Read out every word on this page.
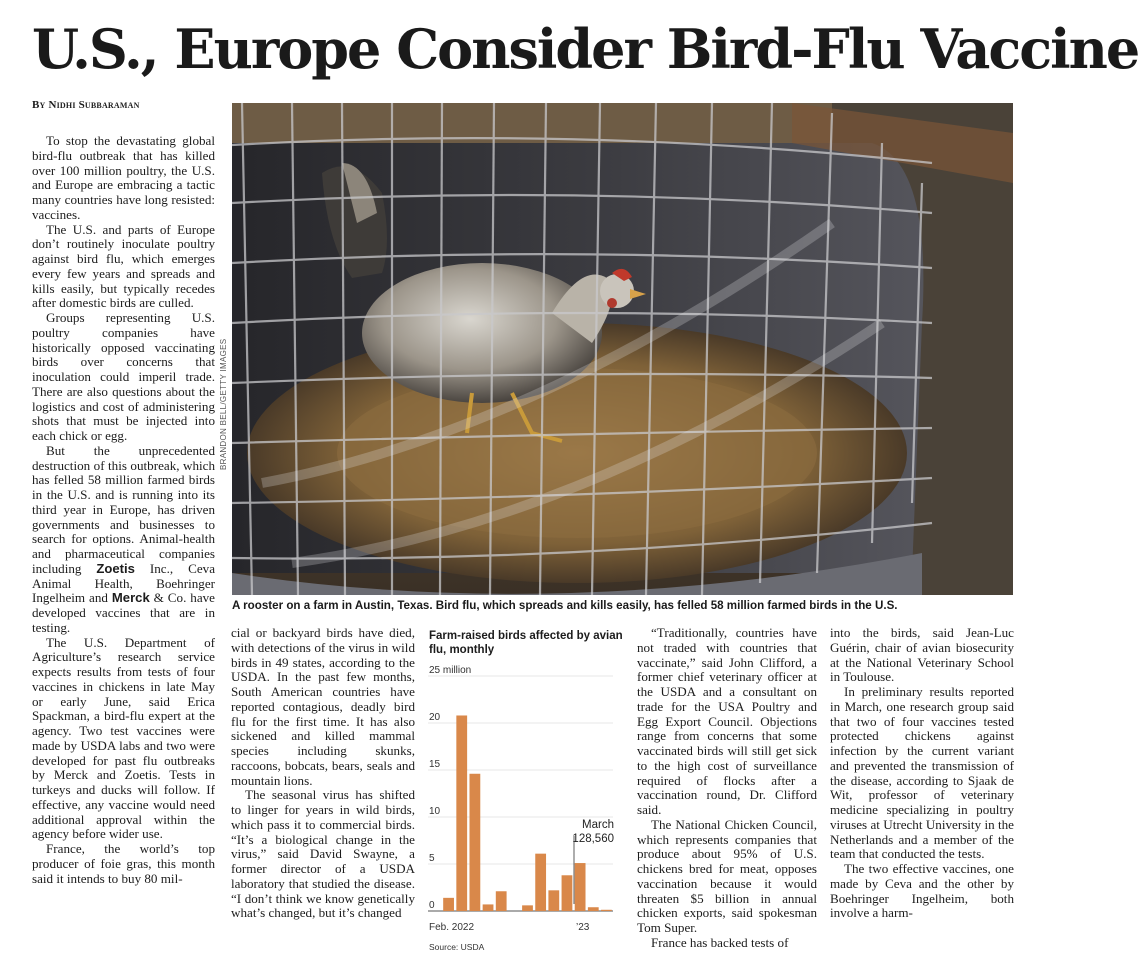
U.S., Europe Consider Bird-Flu Vaccine
By Nidhi Subbaraman

To stop the devastating global bird-flu outbreak that has killed over 100 million poultry, the U.S. and Europe are embracing a tactic many countries have long resisted: vaccines.

The U.S. and parts of Europe don’t routinely inoculate poultry against bird flu, which emerges every few years and spreads and kills easily, but typically recedes after domestic birds are culled.

Groups representing U.S. poultry companies have historically opposed vaccinating birds over concerns that inoculation could imperil trade. There are also questions about the logistics and cost of administering shots that must be injected into each chick or egg.

But the unprecedented destruction of this outbreak, which has felled 58 million farmed birds in the U.S. and is running into its third year in Europe, has driven governments and businesses to search for options. Animal-health and pharmaceutical companies including Zoetis Inc., Ceva Animal Health, Boehringer Ingelheim and Merck & Co. have developed vaccines that are in testing.

The U.S. Department of Agriculture’s research service expects results from tests of four vaccines in chickens in late May or early June, said Erica Spackman, a bird-flu expert at the agency. Two test vaccines were made by USDA labs and two were developed for past flu outbreaks by Merck and Zoetis. Tests in turkeys and ducks will follow. If effective, any vaccine would need additional approval within the agency before wider use.

France, the world’s top producer of foie gras, this month said it intends to buy 80 mil-

BRANDON BELL/GETTY IMAGES
A rooster on a farm in Austin, Texas. Bird flu, which spreads and kills easily, has felled 58 million farmed birds in the U.S.

cial or backyard birds have died, with detections of the virus in wild birds in 49 states, according to the USDA. In the past few months, South American countries have reported contagious, deadly bird flu for the first time. It has also sickened and killed mammal species including skunks, raccoons, bobcats, bears, seals and mountain lions.

The seasonal virus has shifted to linger for years in wild birds, which pass it to commercial birds. “It’s a biological change in the virus,” said David Swayne, a former director of a USDA laboratory that studied the disease. “I don’t think we know genetically what’s changed, but it’s changed

Farm-raised birds affected by avian flu, monthly
25 million
20
15
10
5
0
Feb. 2022	’23
March
128,560
Source: USDA

“Traditionally, countries have not traded with countries that vaccinate,” said John Clifford, a former chief veterinary officer at the USDA and a consultant on trade for the USA Poultry and Egg Export Council. Objections range from concerns that some vaccinated birds will still get sick to the high cost of surveillance required of flocks after a vaccination round, Dr. Clifford said.

The National Chicken Council, which represents companies that produce about 95% of U.S. chickens bred for meat, opposes vaccination because it would threaten $5 billion in annual chicken exports, said spokesman Tom Super.

France has backed tests of

into the birds, said Jean-Luc Guérin, chair of avian biosecurity at the National Veterinary School in Toulouse.

In preliminary results reported in March, one research group said that two of four vaccines tested protected chickens against infection by the current variant and prevented the transmission of the disease, according to Sjaak de Wit, professor of veterinary medicine specializing in poultry viruses at Utrecht University in the Netherlands and a member of the team that conducted the tests.

The two effective vaccines, one made by Ceva and the other by Boehringer Ingelheim, both involve a harm-
